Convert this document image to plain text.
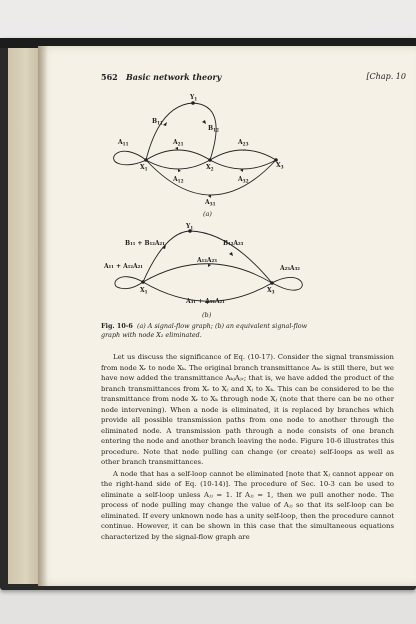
562 Basic network theory	[Chap. 10
$Y_1$
$X_1$	$X_2$	$X_3$
$B_{11}$
$B_{12}$
$A_{11}$	$A_{21}$
$A_{12}$
$A_{23}$
$A_{32}$
$A_{31}$
(a)
$Y_1$
$X_1$	$X_3$
B₁₁ + B₁₂A₂₁	B₁₂A₂₃
A₁₁ + A₁₂A₂₁
A₁₂A₂₃
A₂₃A₃₂
A₃₁ + A₃₂A₂₁
(b)
Fig. 10-6 (a) A signal-flow graph; (b) an equivalent signal-flow graph with node X₂ eliminated.

Let us discuss the significance of Eq. (10-17). Consider the signal transmission from node Xᵣ to node Xₖ. The original branch transmittance Aₖᵣ is still there, but we have now added the transmittance AₖⱼAⱼᵣ; that is, we have added the product of the branch transmittances from Xᵣ to Xⱼ and Xⱼ to Xₖ. This can be considered to be the transmittance from node Xᵣ to Xₖ through node Xⱼ (note that there can be no other node intervening). When a node is eliminated, it is replaced by branches which provide all possible transmission paths from one node to another through the eliminated node. A transmission path through a node consists of one branch entering the node and another branch leaving the node. Figure 10-6 illustrates this procedure. Note that node pulling can change (or create) self-loops as well as other branch transmittances.

A node that has a self-loop cannot be eliminated [note that Xⱼ cannot appear on the right-hand side of Eq. (10-14)]. The procedure of Sec. 10-3 can be used to eliminate a self-loop unless Aⱼⱼ = 1. If Aⱼⱼ = 1, then we pull another node. The process of node pulling may change the value of Aⱼⱼ so that its self-loop can be eliminated. If every unknown node has a unity self-loop, then the procedure cannot continue. However, it can be shown in this case that the simultaneous equations characterized by the signal-flow graph are
